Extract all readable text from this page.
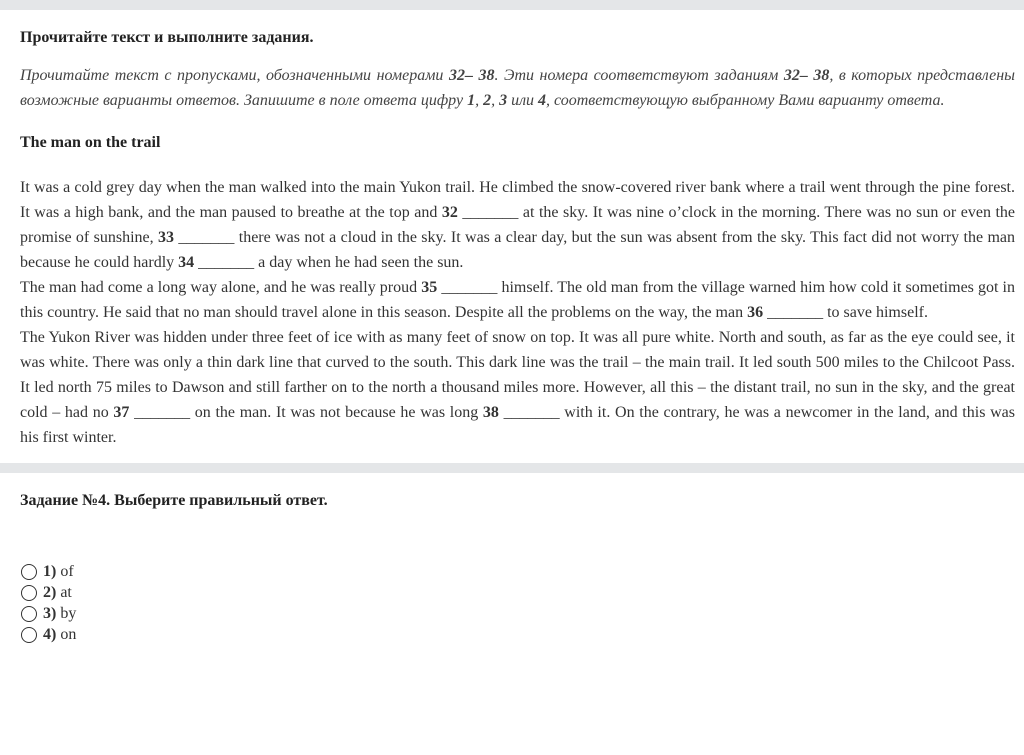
Прочитайте текст и выполните задания.
Прочитайте текст с пропусками, обозначенными номерами 32– 38. Эти номера соответствуют заданиям 32– 38, в которых представлены возможные варианты ответов. Запишите в поле ответа цифру 1, 2, 3 или 4, соответствующую выбранному Вами варианту ответа.
The man on the trail

It was a cold grey day when the man walked into the main Yukon trail. He climbed the snow-covered river bank where a trail went through the pine forest. It was a high bank, and the man paused to breathe at the top and 32 _______ at the sky. It was nine o’clock in the morning. There was no sun or even the promise of sunshine, 33 _______ there was not a cloud in the sky. It was a clear day, but the sun was absent from the sky. This fact did not worry the man because he could hardly 34 _______ a day when he had seen the sun.

The man had come a long way alone, and he was really proud 35 _______ himself. The old man from the village warned him how cold it sometimes got in this country. He said that no man should travel alone in this season. Despite all the problems on the way, the man 36 _______ to save himself.

The Yukon River was hidden under three feet of ice with as many feet of snow on top. It was all pure white. North and south, as far as the eye could see, it was white. There was only a thin dark line that curved to the south. This dark line was the trail – the main trail. It led south 500 miles to the Chilcoot Pass. It led north 75 miles to Dawson and still farther on to the north a thousand miles more. However, all this – the distant trail, no sun in the sky, and the great cold – had no 37 _______ on the man. It was not because he was long 38 _______ with it. On the contrary, he was a newcomer in the land, and this was his first winter.

Задание №4. Выберите правильный ответ.
1) of
2) at
3) by
4) on
